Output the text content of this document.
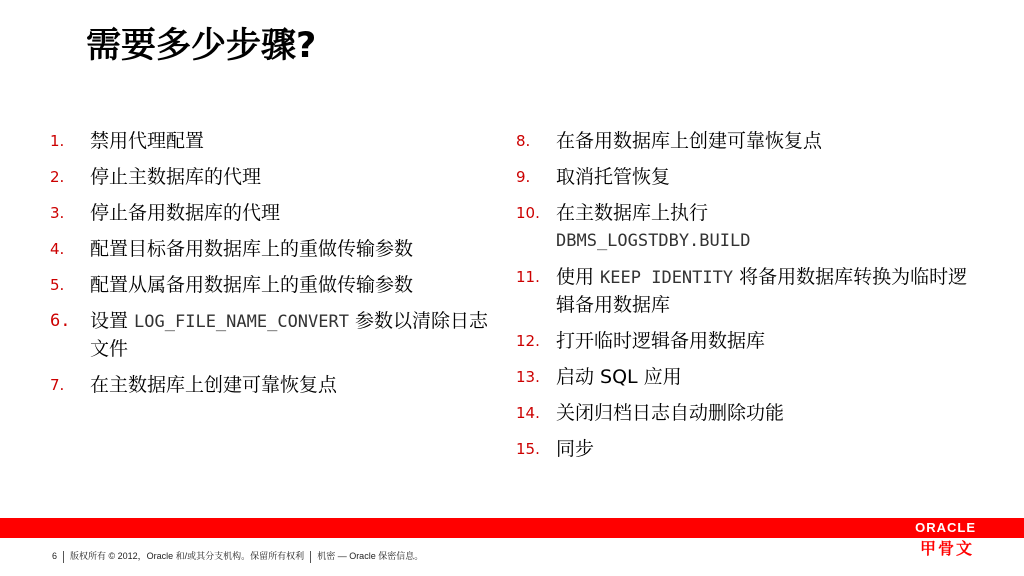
需要多少步骤?
1.	禁用代理配置
2.	停止主数据库的代理
3.	停止备用数据库的代理
4.	配置目标备用数据库上的重做传输参数
5.	配置从属备用数据库上的重做传输参数
6.	设置 LOG_FILE_NAME_CONVERT 参数以清除日志文件
7.	在主数据库上创建可靠恢复点
8.	在备用数据库上创建可靠恢复点
9.	取消托管恢复
10. 在主数据库上执行
DBMS_LOGSTDBY.BUILD
11. 使用 KEEP IDENTITY 将备用数据库转换为临时逻辑备用数据库
12. 打开临时逻辑备用数据库
13. 启动 SQL 应用
14. 关闭归档日志自动删除功能
15. 同步
ORACLE
甲骨文
6 版权所有 © 2012，Oracle 和/或其分支机构。保留所有权利 机密 — Oracle 保密信息。
